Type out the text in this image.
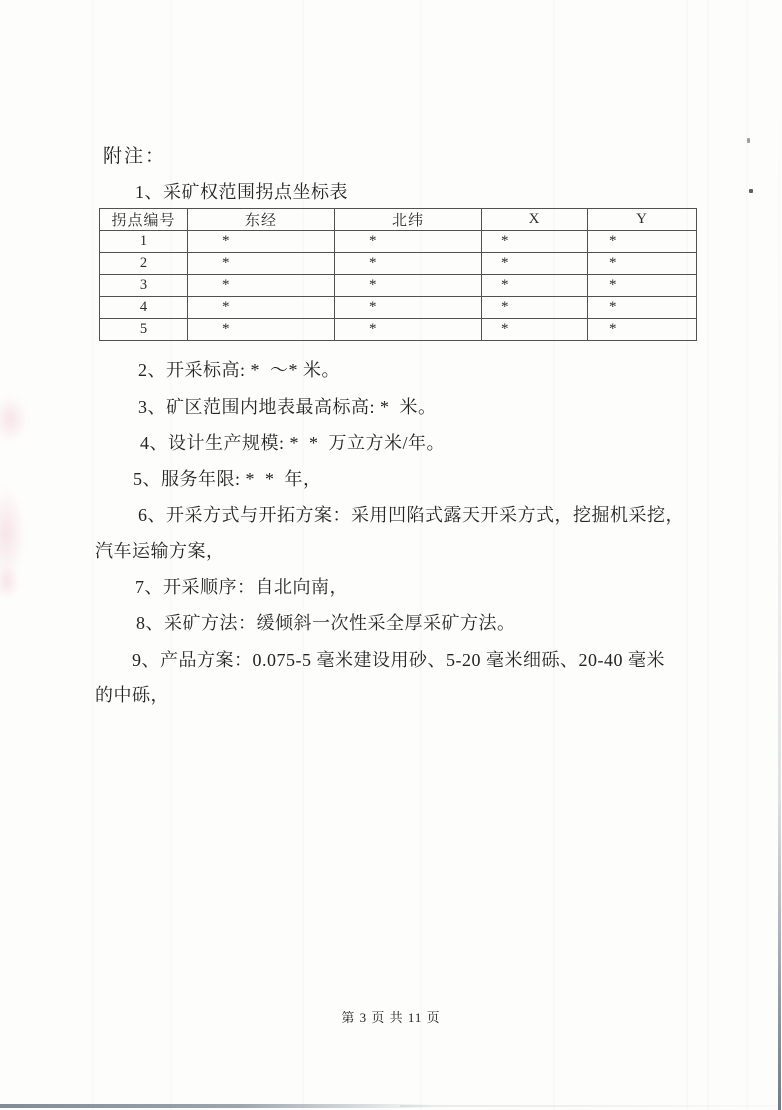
附注：
1、采矿权范围拐点坐标表
拐点编号	东经	北纬	X	Y
1	*	*	*	*
2	*	*	*	*
3	*	*	*	*
4	*	*	*	*
5	*	*	*	*
2、开采标高: *  ～* 米。
3、矿区范围内地表最高标高: *  米。
4、设计生产规模: *  *  万立方米/年。
5、服务年限: *  *  年，
6、开采方式与开拓方案：采用凹陷式露天开采方式，挖掘机采挖，
汽车运输方案，
7、开采顺序：自北向南，
8、采矿方法：缓倾斜一次性采全厚采矿方法。
9、产品方案：0.075-5 毫米建设用砂、5-20 毫米细砾、20-40 毫米
的中砾，
第 3 页 共 11 页
